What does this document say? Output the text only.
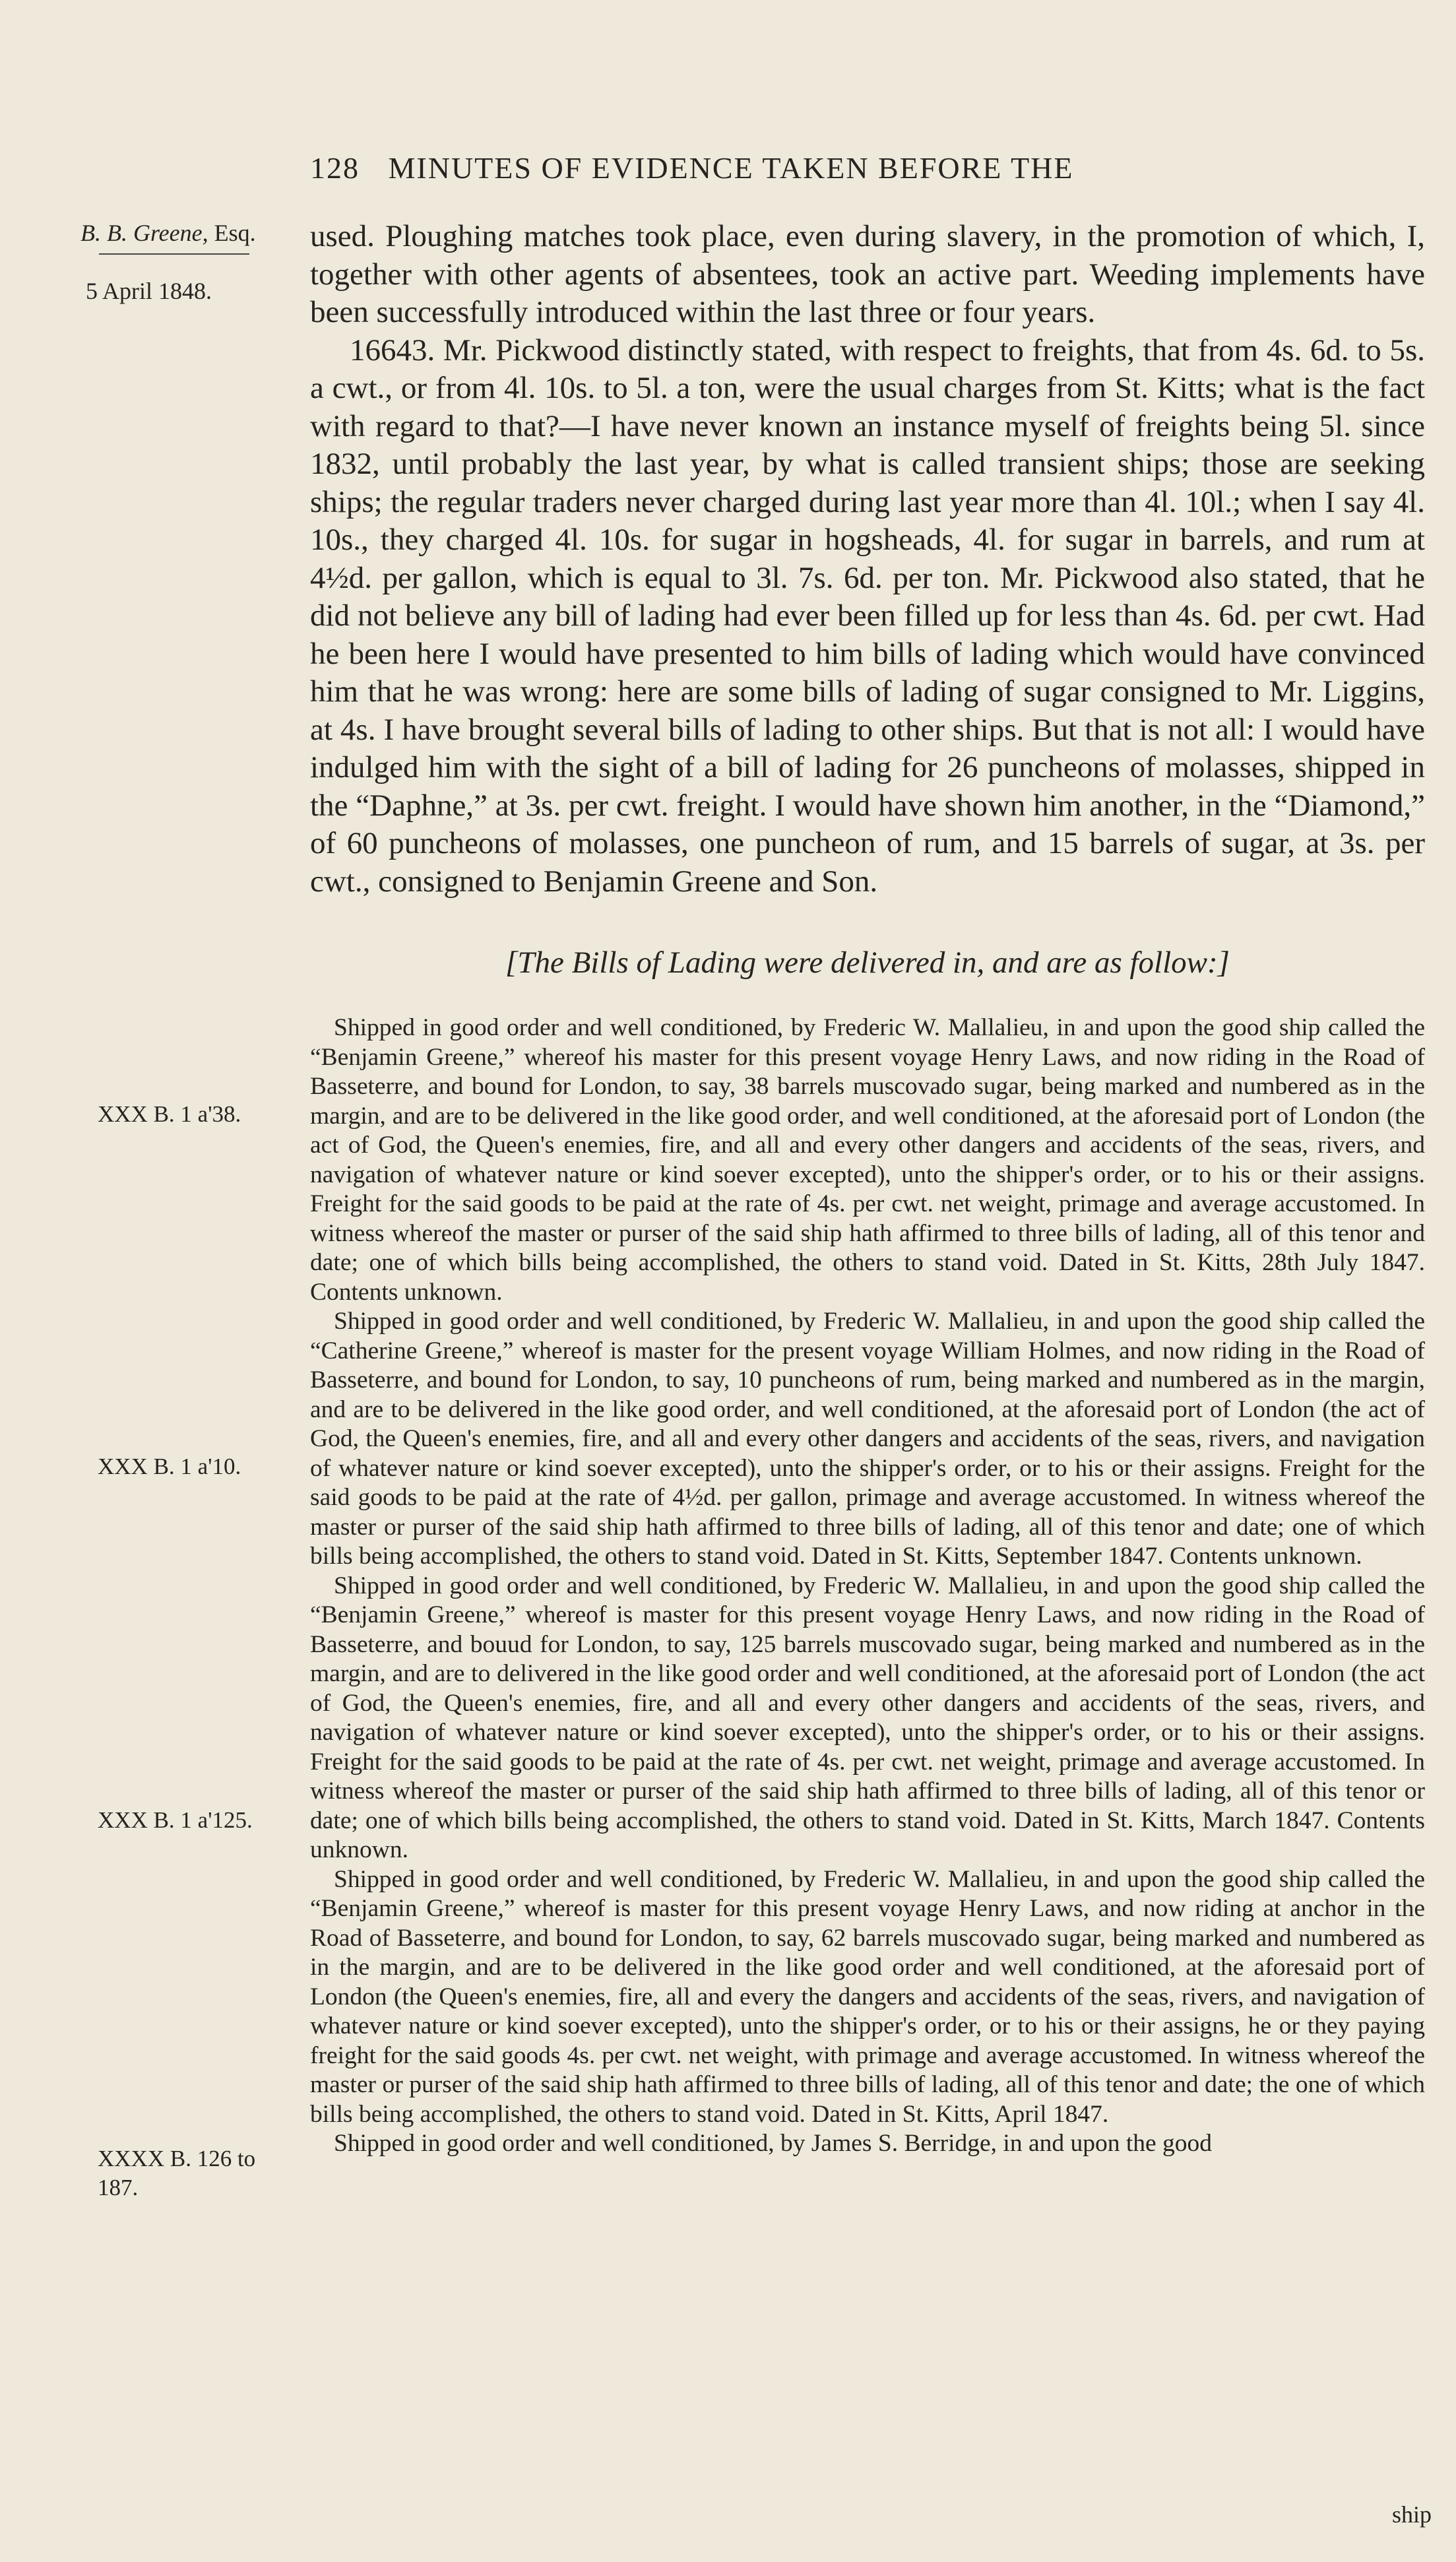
128 MINUTES OF EVIDENCE TAKEN BEFORE THE
B. B. Greene, Esq.
5 April 1848.

used. Ploughing matches took place, even during slavery, in the promotion of which, I, together with other agents of absentees, took an active part. Weeding implements have been successfully introduced within the last three or four years.

16643. Mr. Pickwood distinctly stated, with respect to freights, that from 4s. 6d. to 5s. a cwt., or from 4l. 10s. to 5l. a ton, were the usual charges from St. Kitts; what is the fact with regard to that?—I have never known an instance myself of freights being 5l. since 1832, until probably the last year, by what is called transient ships; those are seeking ships; the regular traders never charged during last year more than 4l. 10l.; when I say 4l. 10s., they charged 4l. 10s. for sugar in hogsheads, 4l. for sugar in barrels, and rum at 4½d. per gallon, which is equal to 3l. 7s. 6d. per ton. Mr. Pickwood also stated, that he did not believe any bill of lading had ever been filled up for less than 4s. 6d. per cwt. Had he been here I would have presented to him bills of lading which would have convinced him that he was wrong: here are some bills of lading of sugar consigned to Mr. Liggins, at 4s. I have brought several bills of lading to other ships. But that is not all: I would have indulged him with the sight of a bill of lading for 26 puncheons of molasses, shipped in the “Daphne,” at 3s. per cwt. freight. I would have shown him another, in the “Diamond,” of 60 puncheons of molasses, one puncheon of rum, and 15 barrels of sugar, at 3s. per cwt., consigned to Benjamin Greene and Son.

[The Bills of Lading were delivered in, and are as follow:]
XXX B. 1 a'38.
XXX B. 1 a'10.
XXX B. 1 a'125.
XXXX B. 126 to
187.

Shipped in good order and well conditioned, by Frederic W. Mallalieu, in and upon the good ship called the “Benjamin Greene,” whereof his master for this present voyage Henry Laws, and now riding in the Road of Basseterre, and bound for London, to say, 38 barrels muscovado sugar, being marked and numbered as in the margin, and are to be delivered in the like good order, and well conditioned, at the aforesaid port of London (the act of God, the Queen's enemies, fire, and all and every other dangers and accidents of the seas, rivers, and navigation of whatever nature or kind soever excepted), unto the shipper's order, or to his or their assigns. Freight for the said goods to be paid at the rate of 4s. per cwt. net weight, primage and average accustomed. In witness whereof the master or purser of the said ship hath affirmed to three bills of lading, all of this tenor and date; one of which bills being accomplished, the others to stand void. Dated in St. Kitts, 28th July 1847. Contents unknown.

Shipped in good order and well conditioned, by Frederic W. Mallalieu, in and upon the good ship called the “Catherine Greene,” whereof is master for the present voyage William Holmes, and now riding in the Road of Basseterre, and bound for London, to say, 10 puncheons of rum, being marked and numbered as in the margin, and are to be delivered in the like good order, and well conditioned, at the aforesaid port of London (the act of God, the Queen's enemies, fire, and all and every other dangers and accidents of the seas, rivers, and navigation of whatever nature or kind soever excepted), unto the shipper's order, or to his or their assigns. Freight for the said goods to be paid at the rate of 4½d. per gallon, primage and average accustomed. In witness whereof the master or purser of the said ship hath affirmed to three bills of lading, all of this tenor and date; one of which bills being accomplished, the others to stand void. Dated in St. Kitts, September 1847. Contents unknown.

Shipped in good order and well conditioned, by Frederic W. Mallalieu, in and upon the good ship called the “Benjamin Greene,” whereof is master for this present voyage Henry Laws, and now riding in the Road of Basseterre, and bouud for London, to say, 125 barrels muscovado sugar, being marked and numbered as in the margin, and are to delivered in the like good order and well conditioned, at the aforesaid port of London (the act of God, the Queen's enemies, fire, and all and every other dangers and accidents of the seas, rivers, and navigation of whatever nature or kind soever excepted), unto the shipper's order, or to his or their assigns. Freight for the said goods to be paid at the rate of 4s. per cwt. net weight, primage and average accustomed. In witness whereof the master or purser of the said ship hath affirmed to three bills of lading, all of this tenor or date; one of which bills being accomplished, the others to stand void. Dated in St. Kitts, March 1847. Contents unknown.

Shipped in good order and well conditioned, by Frederic W. Mallalieu, in and upon the good ship called the “Benjamin Greene,” whereof is master for this present voyage Henry Laws, and now riding at anchor in the Road of Basseterre, and bound for London, to say, 62 barrels muscovado sugar, being marked and numbered as in the margin, and are to be delivered in the like good order and well conditioned, at the aforesaid port of London (the Queen's enemies, fire, all and every the dangers and accidents of the seas, rivers, and navigation of whatever nature or kind soever excepted), unto the shipper's order, or to his or their assigns, he or they paying freight for the said goods 4s. per cwt. net weight, with primage and average accustomed. In witness whereof the master or purser of the said ship hath affirmed to three bills of lading, all of this tenor and date; the one of which bills being accomplished, the others to stand void. Dated in St. Kitts, April 1847.

Shipped in good order and well conditioned, by James S. Berridge, in and upon the good

ship
